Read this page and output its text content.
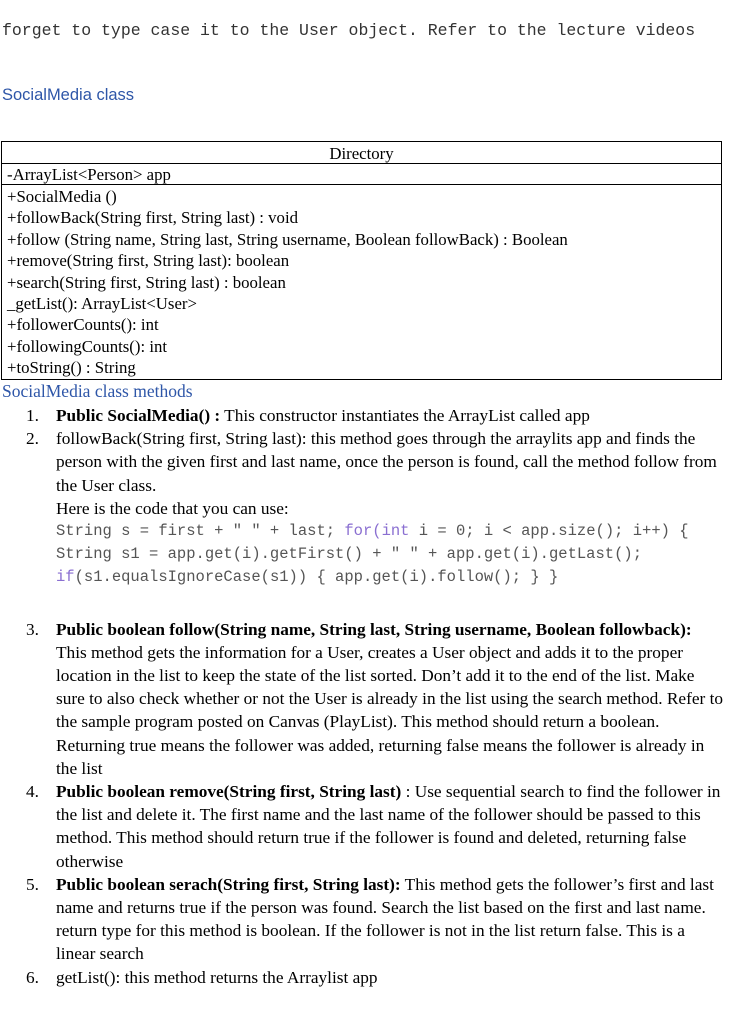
forget to type case it to the User object. Refer to the lecture videos
SocialMedia class
Directory
-ArrayList<Person> app
+SocialMedia ()
+followBack(String first, String last) : void
+follow (String name, String last, String username, Boolean followBack) : Boolean
+remove(String first, String last): boolean
+search(String first, String last) : boolean
_getList(): ArrayList<User>
+followerCounts(): int
+followingCounts(): int
+toString() : String
SocialMedia class methods
1. Public SocialMedia() : This constructor instantiates the ArrayList called app
2. followBack(String first, String last): this method goes through the arraylits app and finds the person with the given first and last name, once the person is found, call the method follow from the User class.
Here is the code that you can use:
String s = first + " " + last; for(int i = 0; i < app.size(); i++) { String s1 = app.get(i).getFirst() + " " + app.get(i).getLast(); if(s1.equalsIgnoreCase(s1)) { app.get(i).follow(); } }
3. Public boolean follow(String name, String last, String username, Boolean followback): This method gets the information for a User, creates a User object and adds it to the proper location in the list to keep the state of the list sorted. Don’t add it to the end of the list. Make sure to also check whether or not the User is already in the list using the search method. Refer to the sample program posted on Canvas (PlayList). This method should return a boolean. Returning true means the follower was added, returning false means the follower is already in the list
4. Public boolean remove(String first, String last) : Use sequential search to find the follower in the list and delete it. The first name and the last name of the follower should be passed to this method. This method should return true if the follower is found and deleted, returning false otherwise
5. Public boolean serach(String first, String last): This method gets the follower’s first and last name and returns true if the person was found. Search the list based on the first and last name. return type for this method is boolean. If the follower is not in the list return false. This is a linear search
6. getList(): this method returns the Arraylist app
